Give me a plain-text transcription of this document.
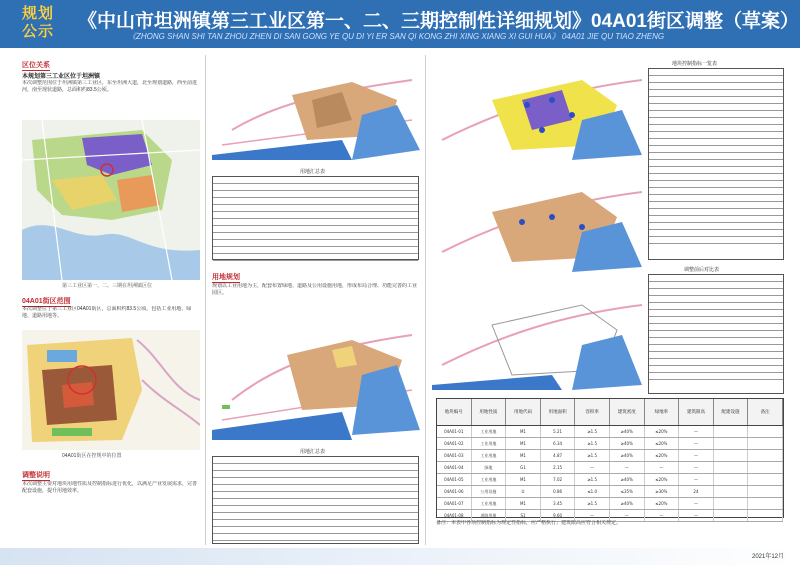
规划
公示 《中山市坦洲镇第三工业区第一、二、三期控制性详细规划》04A01街区调整（草案）
《ZHONG SHAN SHI TAN ZHOU ZHEN DI SAN GONG YE QU DI YI ER SAN QI KONG ZHI XING XIANG XI GUI HUA》 04A01 JIE QU TIAO ZHENG
区位关系
本规划第三工业区位于坦洲镇
本次调整范围位于坦洲镇第三工业区，东至坦洲大道，北至规划道路，西至前进河，南至现状道路，总面积约83.5公顷。
第三工业区第一、二、三期在坦洲镇区位
04A01街区范围
本次调整位于第三工业区04A01街区，总面积约83.5公顷，包括工业用地、绿地、道路用地等。
04A01街区在控规中的位置
调整说明
本次调整主要对地块用地性质及控制指标进行优化，以满足产业发展需求，完善配套设施，提升用地效率。
用地汇总表
用地规划
规划以工业用地为主，配套布置绿地、道路及公用设施用地，形成布局合理、功能完善的工业园区。
用地汇总表
地块控制指标一览表
调整前后对比表
地块编号	用地性质	用地代码	用地面积	容积率	建筑密度	绿地率	建筑限高	配建设施	备注
04A01-01	工业用地	M1	5.21	≥1.5	≥40%	≤20%	—
04A01-02	工业用地	M1	6.34	≥1.5	≥40%	≤20%	—
04A01-03	工业用地	M1	4.87	≥1.5	≥40%	≤20%	—
04A01-04	绿地	G1	2.15	—	—	—	—
04A01-05	工业用地	M1	7.02	≥1.5	≥40%	≤20%	—
04A01-06	公用设施	U	0.86	≤1.0	≤35%	≥30%	24
04A01-07	工业用地	M1	3.45	≥1.5	≥40%	≤20%	—
04A01-08	道路用地	S1	9.60	—	—	—	—
备注：本表中各项控制指标为规定性指标，应严格执行；建筑限高应符合相关规定。
2021年12月
